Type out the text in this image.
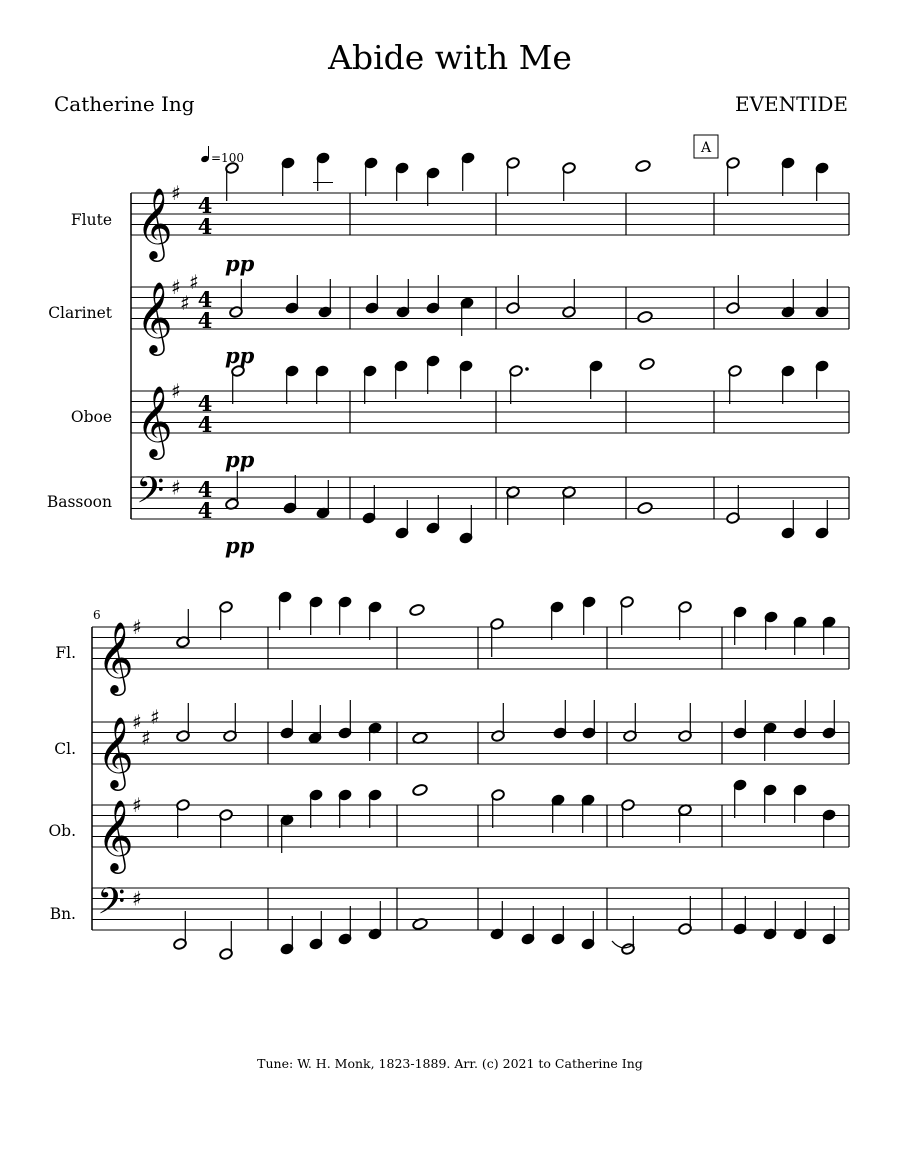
Abide with Me
Catherine Ing	EVENTIDE
Flute
Clarinet
Oboe
Bassoon
Fl.
Cl.
Ob.
Bn.
𝄞
𝄞
𝄞
𝄢
𝄞
𝄞
𝄞
𝄢
♯
♯
♯
♯
♯
♯
♯
♯
♯
♯
♯
♯
4
4
4
4
4
4
4
4
=100
A
6
pp
pp
pp
pp
Tune: W. H. Monk, 1823-1889. Arr. (c) 2021 to Catherine Ing
